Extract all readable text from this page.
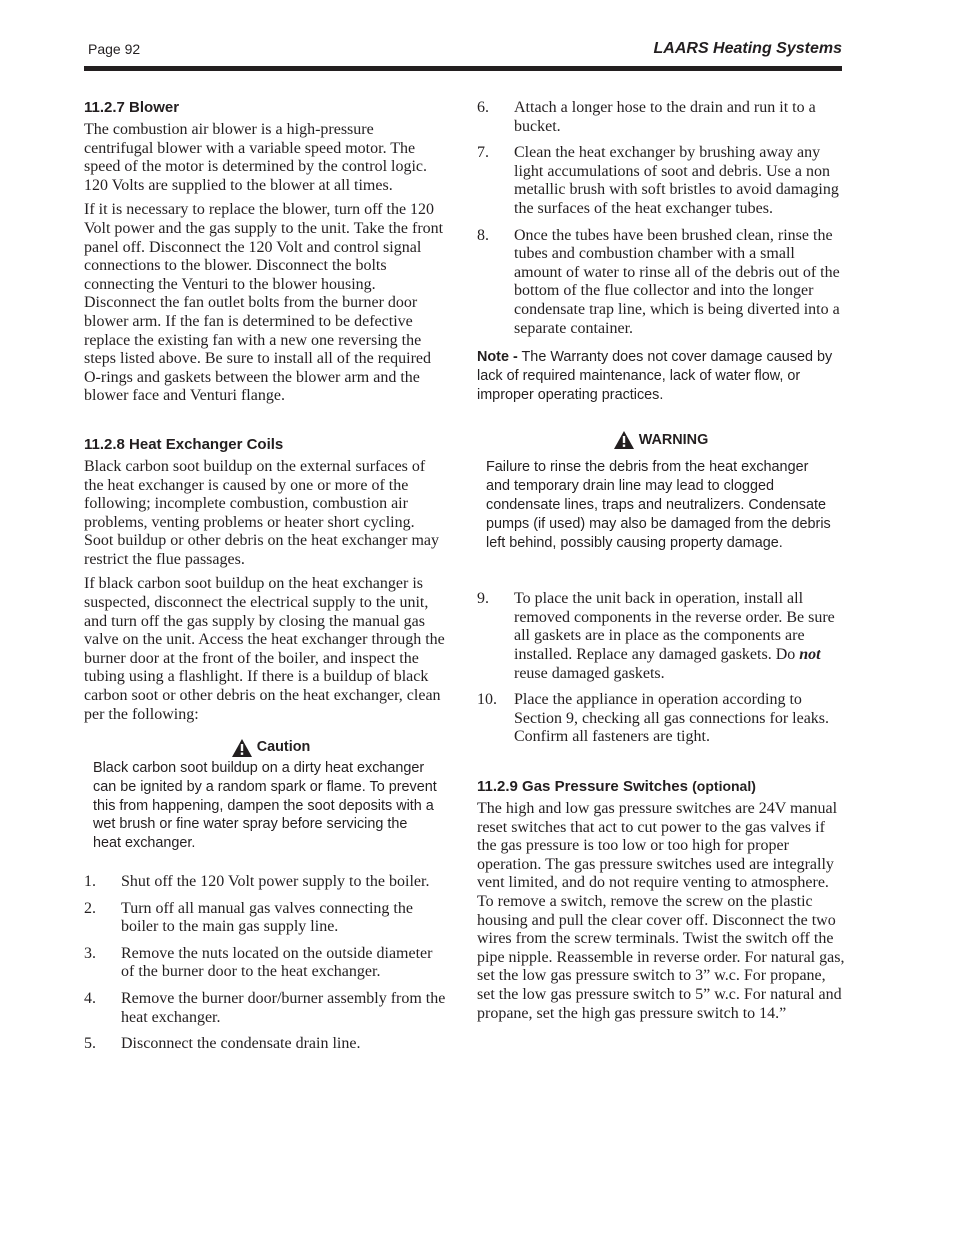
Page 92	LAARS Heating Systems
11.2.7 Blower

The combustion air blower is a high-pressure centrifugal blower with a variable speed motor. The speed of the motor is determined by the control logic. 120 Volts are supplied to the blower at all times.

If it is necessary to replace the blower, turn off the 120 Volt power and the gas supply to the unit. Take the front panel off. Disconnect the 120 Volt and control signal connections to the blower. Disconnect the bolts connecting the Venturi to the blower housing. Disconnect the fan outlet bolts from the burner door blower arm. If the fan is determined to be defective replace the existing fan with a new one reversing the steps listed above. Be sure to install all of the required O-rings and gaskets between the blower arm and the blower face and Venturi flange.

11.2.8 Heat Exchanger Coils

Black carbon soot buildup on the external surfaces of the heat exchanger is caused by one or more of the following; incomplete combustion, combustion air problems, venting problems or heater short cycling. Soot buildup or other debris on the heat exchanger may restrict the flue passages.

If black carbon soot buildup on the heat exchanger is suspected, disconnect the electrical supply to the unit, and turn off the gas supply by closing the manual gas valve on the unit. Access the heat exchanger through the burner door at the front of the boiler, and inspect the tubing using a flashlight. If there is a buildup of black carbon soot or other debris on the heat exchanger, clean per the following:

Caution
Black carbon soot buildup on a dirty heat exchanger can be ignited by a random spark or flame. To prevent this from happening, dampen the soot deposits with a wet brush or fine water spray before servicing the heat exchanger.
1. Shut off the 120 Volt power supply to the boiler.
2. Turn off all manual gas valves connecting the boiler to the main gas supply line.
3. Remove the nuts located on the outside diameter of the burner door to the heat exchanger.
4. Remove the burner door/burner assembly from the heat exchanger.
5. Disconnect the condensate drain line.
6. Attach a longer hose to the drain and run it to a bucket.
7. Clean the heat exchanger by brushing away any light accumulations of soot and debris. Use a non metallic brush with soft bristles to avoid damaging the surfaces of the heat exchanger tubes.
8. Once the tubes have been brushed clean, rinse the tubes and combustion chamber with a small amount of water to rinse all of the debris out of the bottom of the flue collector and into the longer condensate trap line, which is being diverted into a separate container.

Note - The Warranty does not cover damage caused by lack of required maintenance, lack of water flow, or improper operating practices.

WARNING
Failure to rinse the debris from the heat exchanger and temporary drain line may lead to clogged condensate lines, traps and neutralizers. Condensate pumps (if used) may also be damaged from the debris left behind, possibly causing property damage.
9. To place the unit back in operation, install all removed components in the reverse order. Be sure all gaskets are in place as the components are installed. Replace any damaged gaskets. Do not reuse damaged gaskets.
10. Place the appliance in operation according to Section 9, checking all gas connections for leaks. Confirm all fasteners are tight.
11.2.9 Gas Pressure Switches (optional)

The high and low gas pressure switches are 24V manual reset switches that act to cut power to the gas valves if the gas pressure is too low or too high for proper operation. The gas pressure switches used are integrally vent limited, and do not require venting to atmosphere. To remove a switch, remove the screw on the plastic housing and pull the clear cover off. Disconnect the two wires from the screw terminals. Twist the switch off the pipe nipple. Reassemble in reverse order. For natural gas, set the low gas pressure switch to 3” w.c. For propane, set the low gas pressure switch to 5” w.c. For natural and propane, set the high gas pressure switch to 14.”
